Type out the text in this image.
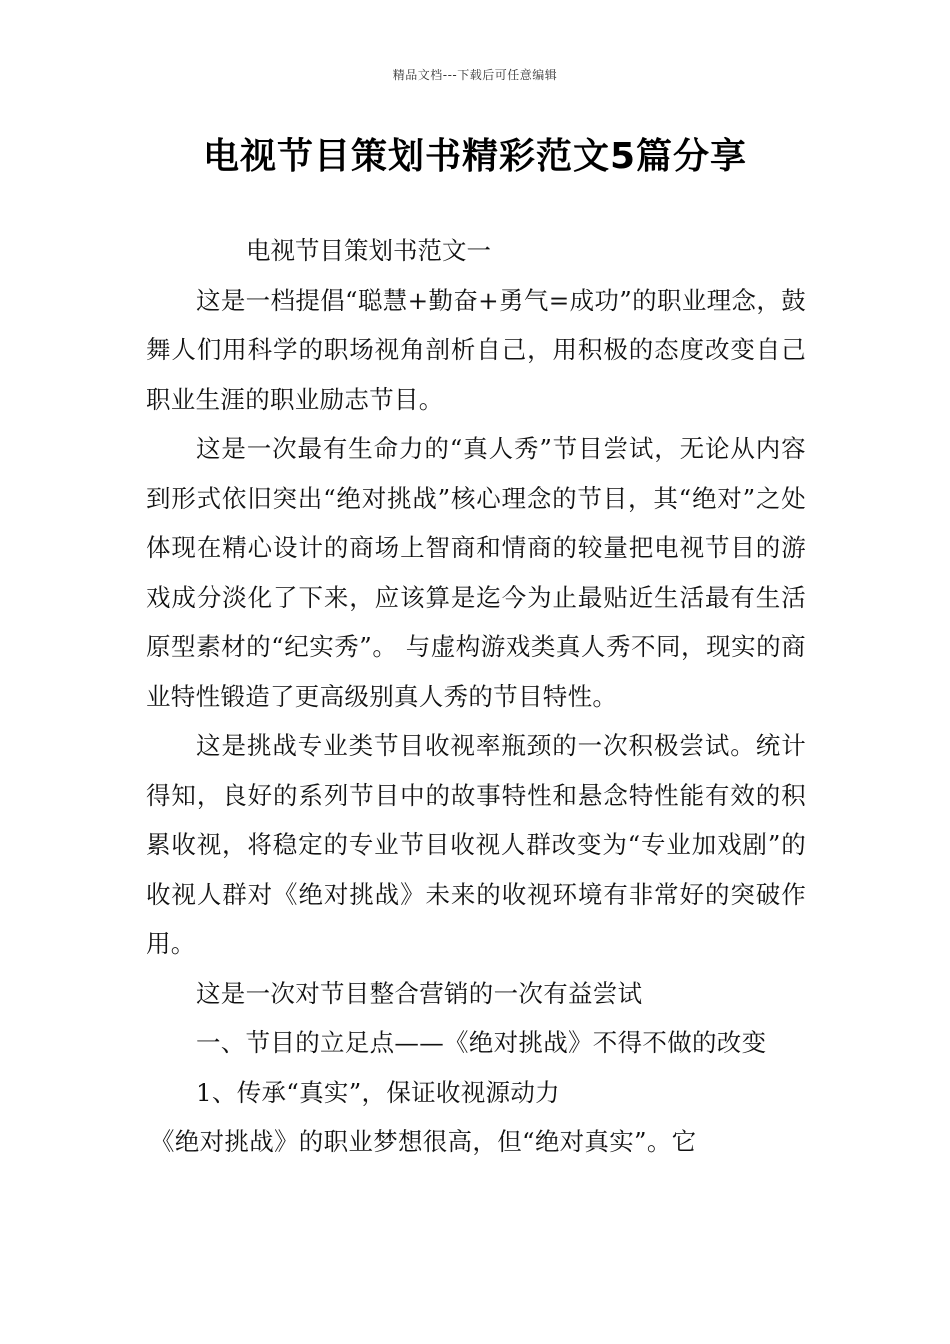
精品文档---下载后可任意编辑
电视节目策划书精彩范文5篇分享
电视节目策划书范文一

这是一档提倡“聪慧+勤奋+勇气=成功”的职业理念，鼓舞人们用科学的职场视角剖析自己，用积极的态度改变自己职业生涯的职业励志节目。

这是一次最有生命力的“真人秀”节目尝试，无论从内容到形式依旧突出“绝对挑战”核心理念的节目，其“绝对”之处体现在精心设计的商场上智商和情商的较量把电视节目的游戏成分淡化了下来，应该算是迄今为止最贴近生活最有生活原型素材的“纪实秀”。 与虚构游戏类真人秀不同，现实的商业特性锻造了更高级别真人秀的节目特性。

这是挑战专业类节目收视率瓶颈的一次积极尝试。统计得知，良好的系列节目中的故事特性和悬念特性能有效的积累收视，将稳定的专业节目收视人群改变为“专业加戏剧”的收视人群对《绝对挑战》未来的收视环境有非常好的突破作用。

这是一次对节目整合营销的一次有益尝试

一、节目的立足点——《绝对挑战》不得不做的改变

1、传承“真实”，保证收视源动力

《绝对挑战》的职业梦想很高，但“绝对真实”。它
